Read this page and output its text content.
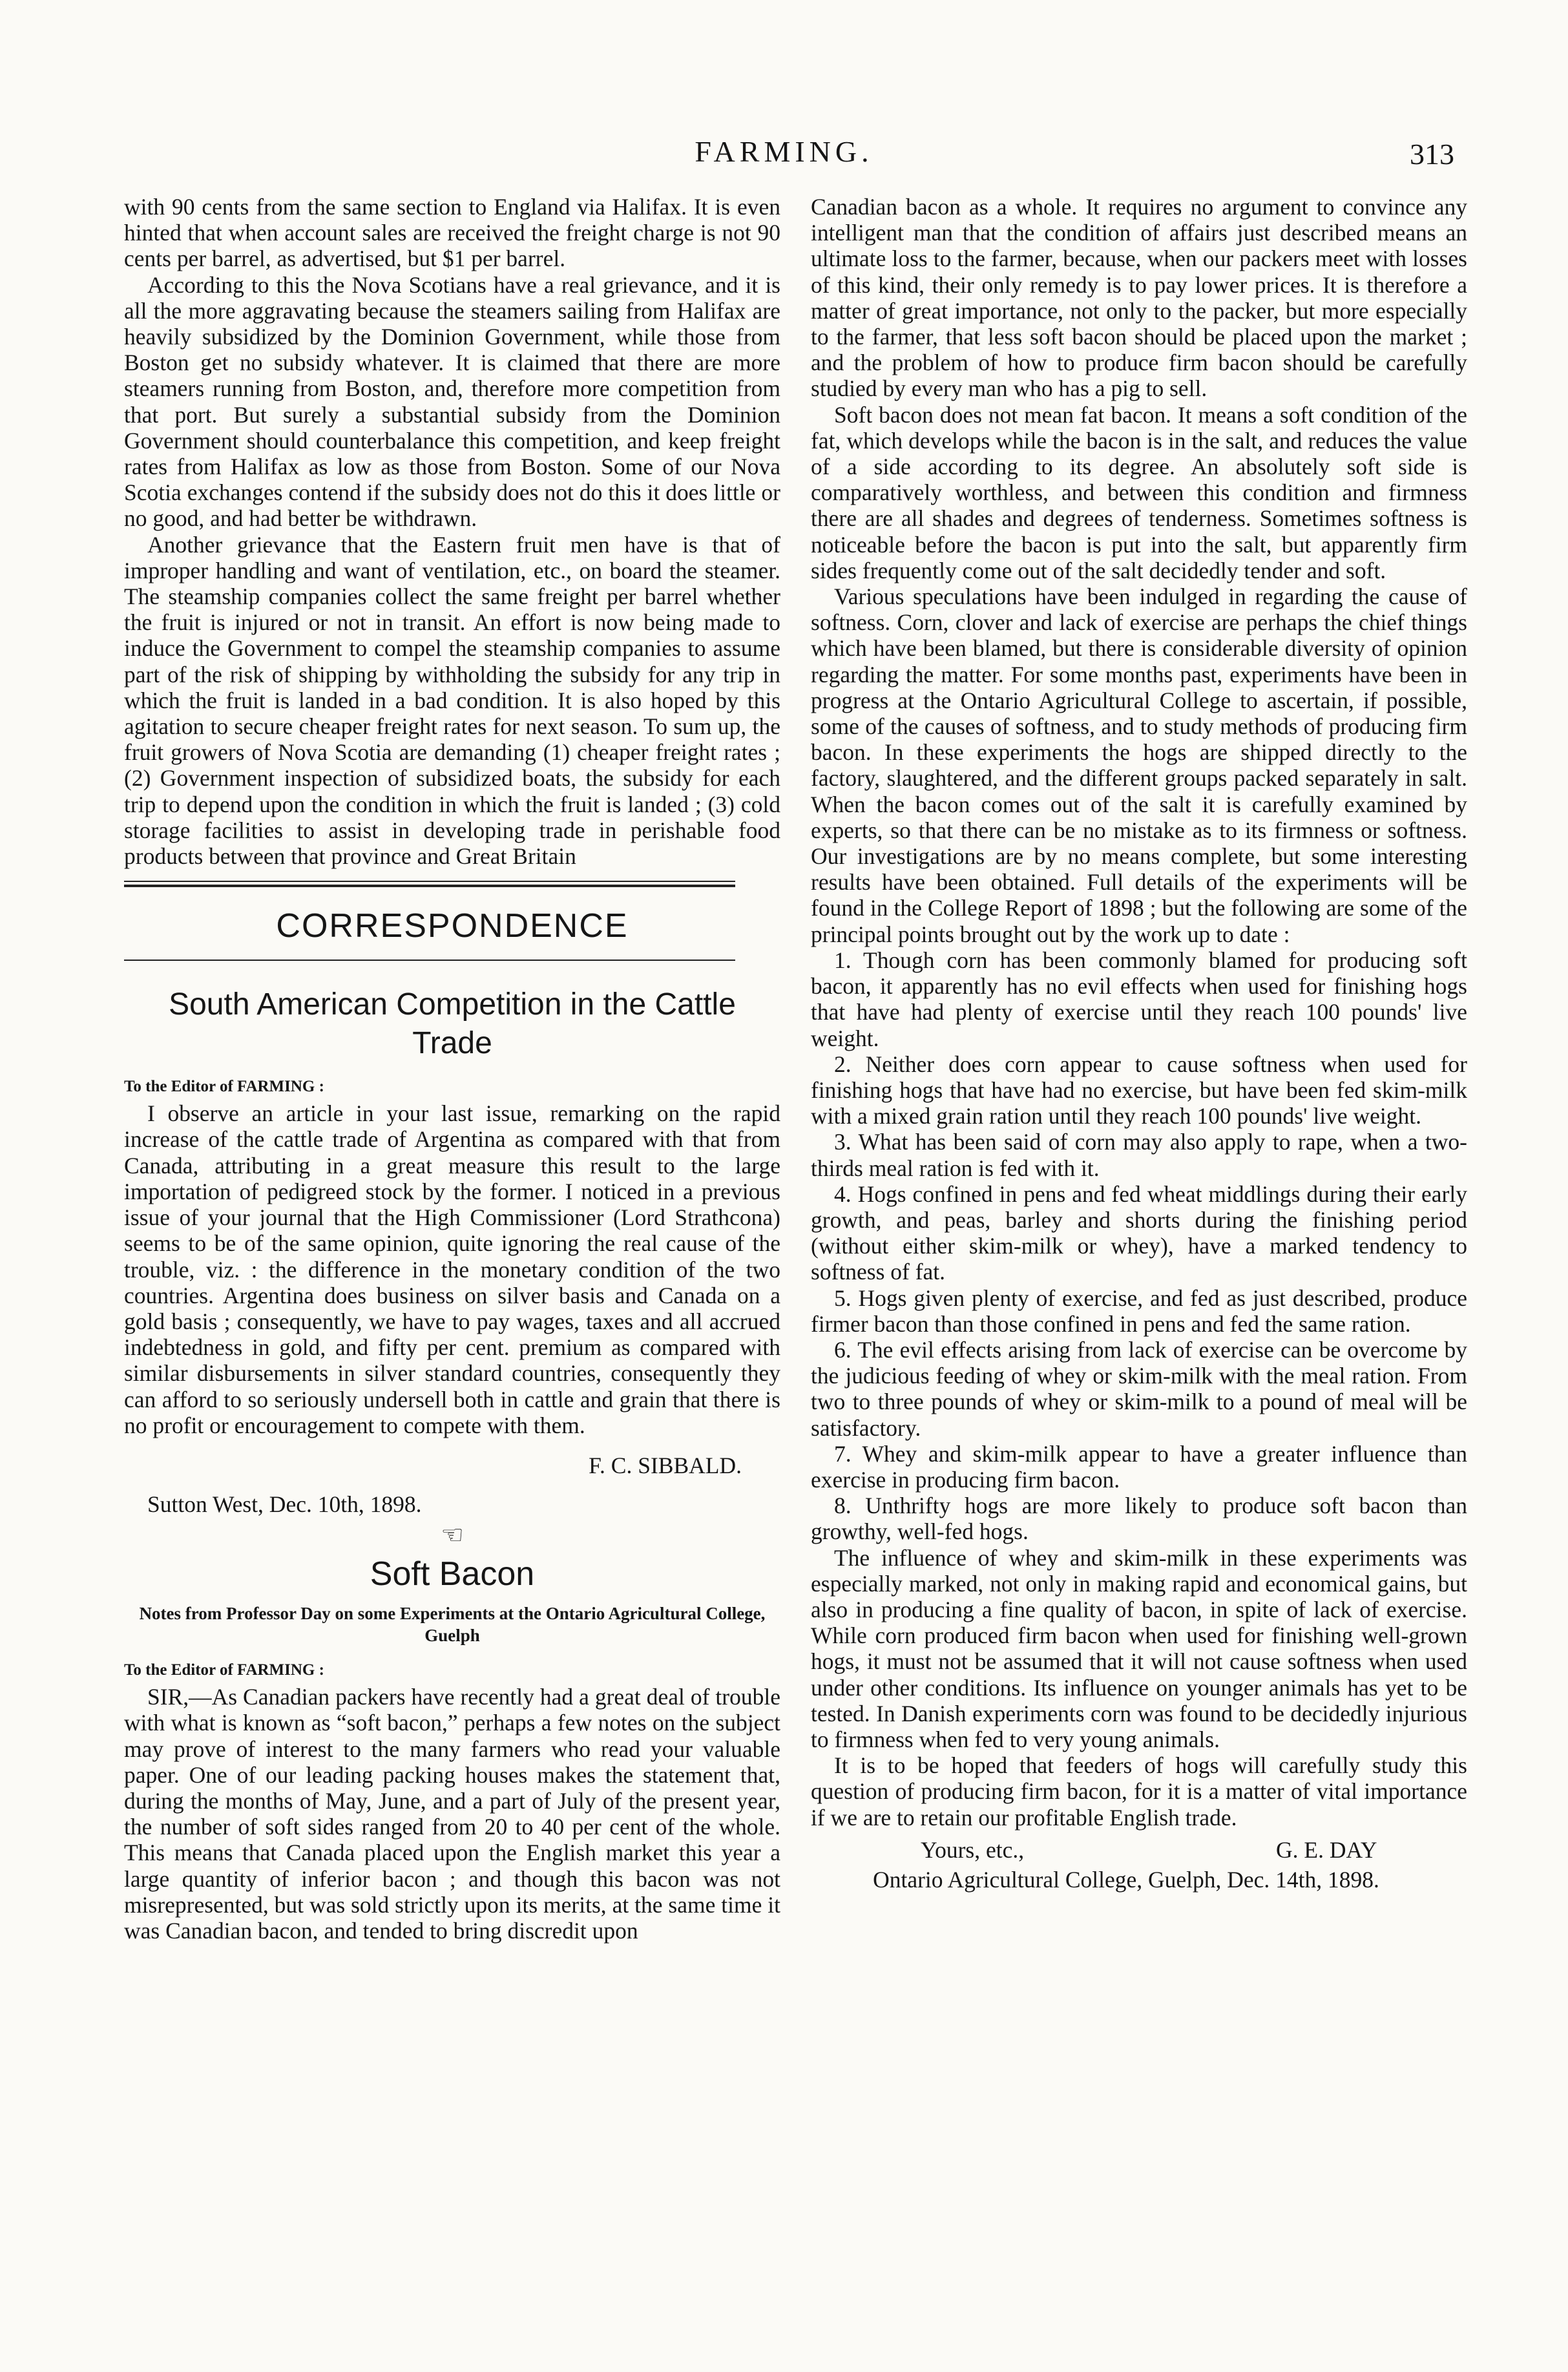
FARMING.	313

with 90 cents from the same section to England via Halifax. It is even hinted that when account sales are received the freight charge is not 90 cents per barrel, as advertised, but $1 per barrel.

According to this the Nova Scotians have a real grievance, and it is all the more aggravating because the steamers sailing from Halifax are heavily subsidized by the Dominion Government, while those from Boston get no subsidy whatever. It is claimed that there are more steamers running from Boston, and, therefore more competition from that port. But surely a substantial subsidy from the Dominion Government should counterbalance this competition, and keep freight rates from Halifax as low as those from Boston. Some of our Nova Scotia exchanges contend if the subsidy does not do this it does little or no good, and had better be withdrawn.

Another grievance that the Eastern fruit men have is that of improper handling and want of ventilation, etc., on board the steamer. The steamship companies collect the same freight per barrel whether the fruit is injured or not in transit. An effort is now being made to induce the Government to compel the steamship companies to assume part of the risk of shipping by withholding the subsidy for any trip in which the fruit is landed in a bad condition. It is also hoped by this agitation to secure cheaper freight rates for next season. To sum up, the fruit growers of Nova Scotia are demanding (1) cheaper freight rates ; (2) Government inspection of subsidized boats, the subsidy for each trip to depend upon the condition in which the fruit is landed ; (3) cold storage facilities to assist in developing trade in perishable food products between that province and Great Britain

CORRESPONDENCE
South American Competition in the Cattle Trade
To the Editor of FARMING :

I observe an article in your last issue, remarking on the rapid increase of the cattle trade of Argentina as compared with that from Canada, attributing in a great measure this result to the large importation of pedigreed stock by the former. I noticed in a previous issue of your journal that the High Commissioner (Lord Strathcona) seems to be of the same opinion, quite ignoring the real cause of the trouble, viz. : the difference in the monetary condition of the two countries. Argentina does business on silver basis and Canada on a gold basis ; consequently, we have to pay wages, taxes and all accrued indebtedness in gold, and fifty per cent. premium as compared with similar disbursements in silver standard countries, consequently they can afford to so seriously undersell both in cattle and grain that there is no profit or encouragement to compete with them.

F. C. SIBBALD.

Sutton West, Dec. 10th, 1898.

☜
Soft Bacon
Notes from Professor Day on some Experiments at the Ontario Agricultural College, Guelph
To the Editor of FARMING :

SIR,—As Canadian packers have recently had a great deal of trouble with what is known as “soft bacon,” perhaps a few notes on the subject may prove of interest to the many farmers who read your valuable paper. One of our leading packing houses makes the statement that, during the months of May, June, and a part of July of the present year, the number of soft sides ranged from 20 to 40 per cent of the whole. This means that Canada placed upon the English market this year a large quantity of inferior bacon ; and though this bacon was not misrepresented, but was sold strictly upon its merits, at the same time it was Canadian bacon, and tended to bring discredit upon

Canadian bacon as a whole. It requires no argument to convince any intelligent man that the condition of affairs just described means an ultimate loss to the farmer, because, when our packers meet with losses of this kind, their only remedy is to pay lower prices. It is therefore a matter of great importance, not only to the packer, but more especially to the farmer, that less soft bacon should be placed upon the market ; and the problem of how to produce firm bacon should be carefully studied by every man who has a pig to sell.

Soft bacon does not mean fat bacon. It means a soft condition of the fat, which develops while the bacon is in the salt, and reduces the value of a side according to its degree. An absolutely soft side is comparatively worthless, and between this condition and firmness there are all shades and degrees of tenderness. Sometimes softness is noticeable before the bacon is put into the salt, but apparently firm sides frequently come out of the salt decidedly tender and soft.

Various speculations have been indulged in regarding the cause of softness. Corn, clover and lack of exercise are perhaps the chief things which have been blamed, but there is considerable diversity of opinion regarding the matter. For some months past, experiments have been in progress at the Ontario Agricultural College to ascertain, if possible, some of the causes of softness, and to study methods of producing firm bacon. In these experiments the hogs are shipped directly to the factory, slaughtered, and the different groups packed separately in salt. When the bacon comes out of the salt it is carefully examined by experts, so that there can be no mistake as to its firmness or softness. Our investigations are by no means complete, but some interesting results have been obtained. Full details of the experiments will be found in the College Report of 1898 ; but the following are some of the principal points brought out by the work up to date :

1. Though corn has been commonly blamed for producing soft bacon, it apparently has no evil effects when used for finishing hogs that have had plenty of exercise until they reach 100 pounds' live weight.

2. Neither does corn appear to cause softness when used for finishing hogs that have had no exercise, but have been fed skim-milk with a mixed grain ration until they reach 100 pounds' live weight.

3. What has been said of corn may also apply to rape, when a two-thirds meal ration is fed with it.

4. Hogs confined in pens and fed wheat middlings during their early growth, and peas, barley and shorts during the finishing period (without either skim-milk or whey), have a marked tendency to softness of fat.

5. Hogs given plenty of exercise, and fed as just described, produce firmer bacon than those confined in pens and fed the same ration.

6. The evil effects arising from lack of exercise can be overcome by the judicious feeding of whey or skim-milk with the meal ration. From two to three pounds of whey or skim-milk to a pound of meal will be satisfactory.

7. Whey and skim-milk appear to have a greater influence than exercise in producing firm bacon.

8. Unthrifty hogs are more likely to produce soft bacon than growthy, well-fed hogs.

The influence of whey and skim-milk in these experiments was especially marked, not only in making rapid and economical gains, but also in producing a fine quality of bacon, in spite of lack of exercise. While corn produced firm bacon when used for finishing well-grown hogs, it must not be assumed that it will not cause softness when used under other conditions. Its influence on younger animals has yet to be tested. In Danish experiments corn was found to be decidedly injurious to firmness when fed to very young animals.

It is to be hoped that feeders of hogs will carefully study this question of producing firm bacon, for it is a matter of vital importance if we are to retain our profitable English trade.

Yours, etc.,	G. E. DAY
Ontario Agricultural College, Guelph, Dec. 14th, 1898.
